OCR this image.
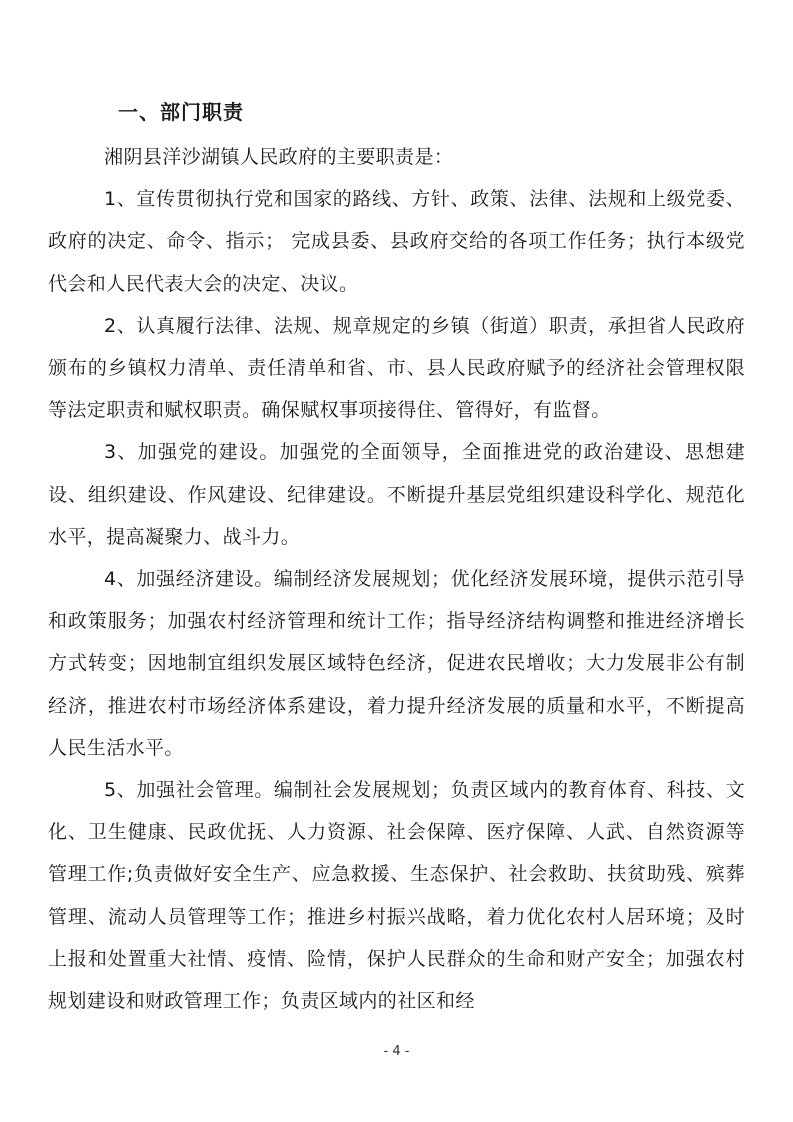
一、部门职责

湘阴县洋沙湖镇人民政府的主要职责是：

1、宣传贯彻执行党和国家的路线、方针、政策、法律、法规和上级党委、政府的决定、命令、指示； 完成县委、县政府交给的各项工作任务；执行本级党代会和人民代表大会的决定、决议。

2、认真履行法律、法规、规章规定的乡镇（街道）职责，承担省人民政府颁布的乡镇权力清单、责任清单和省、市、县人民政府赋予的经济社会管理权限等法定职责和赋权职责。确保赋权事项接得住、管得好，有监督。

3、加强党的建设。加强党的全面领导，全面推进党的政治建设、思想建设、组织建设、作风建设、纪律建设。不断提升基层党组织建设科学化、规范化水平，提高凝聚力、战斗力。

4、加强经济建设。编制经济发展规划；优化经济发展环境，提供示范引导和政策服务；加强农村经济管理和统计工作；指导经济结构调整和推进经济增长方式转变；因地制宜组织发展区域特色经济，促进农民增收；大力发展非公有制经济，推进农村市场经济体系建设，着力提升经济发展的质量和水平，不断提高人民生活水平。

5、加强社会管理。编制社会发展规划；负责区域内的教育体育、科技、文化、卫生健康、民政优抚、人力资源、社会保障、医疗保障、人武、自然资源等管理工作;负责做好安全生产、应急救援、生态保护、社会救助、扶贫助残、殡葬管理、流动人员管理等工作；推进乡村振兴战略，着力优化农村人居环境；及时上报和处置重大社情、疫情、险情，保护人民群众的生命和财产安全；加强农村规划建设和财政管理工作；负责区域内的社区和经

- 4 -
